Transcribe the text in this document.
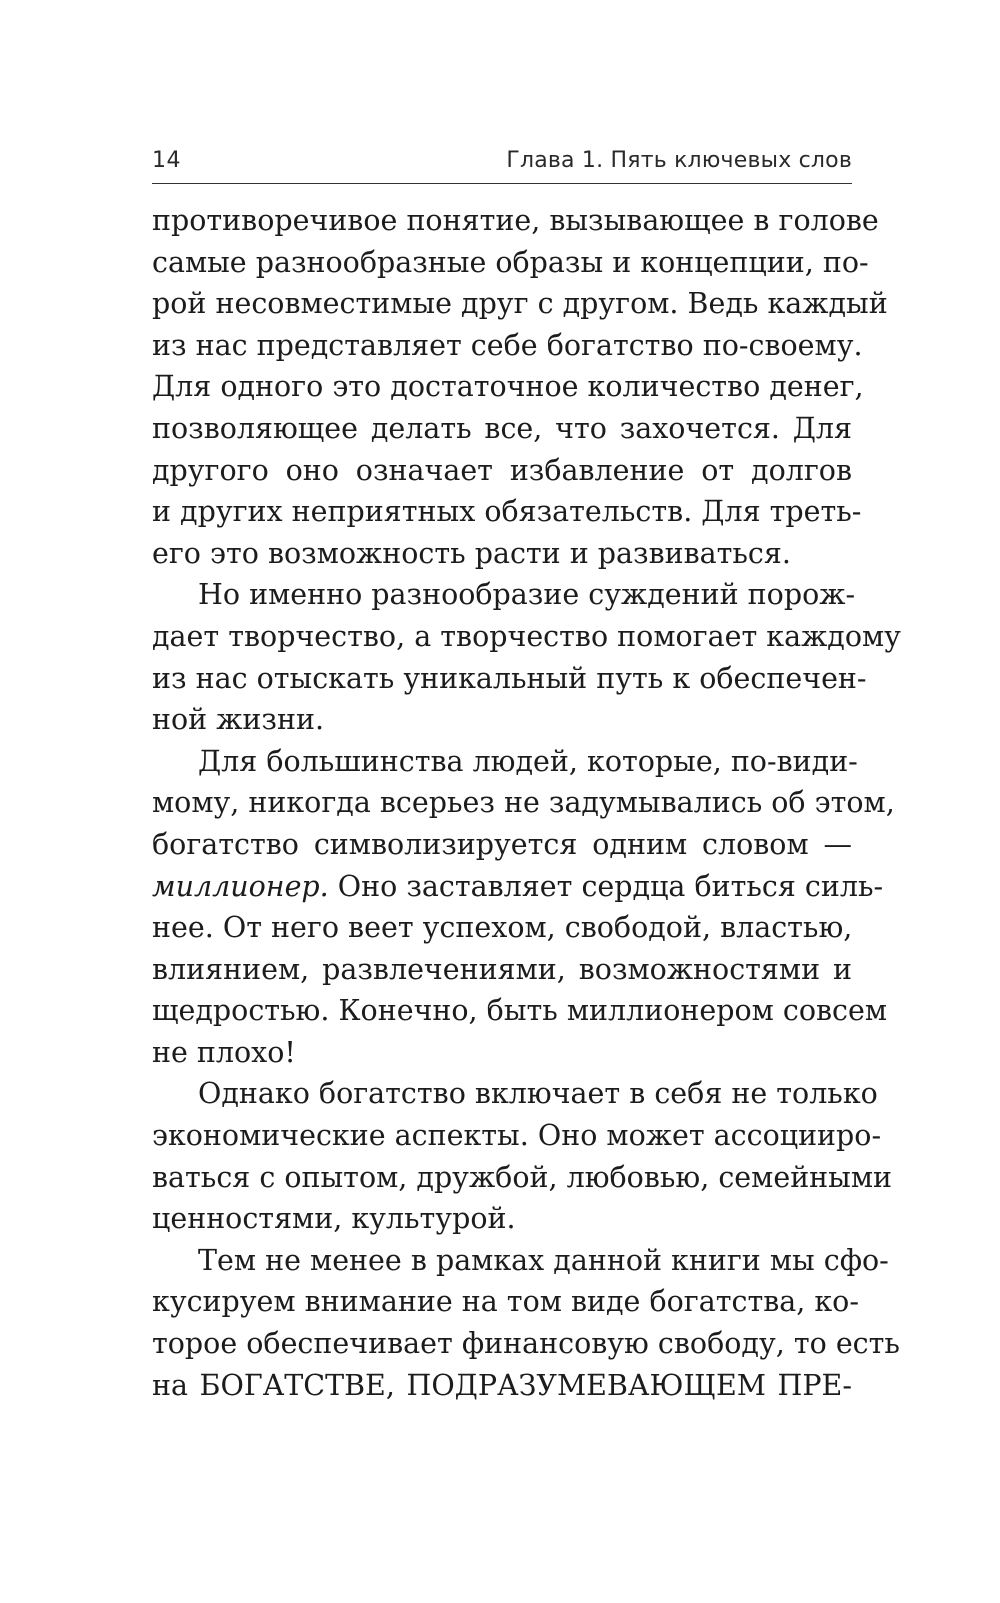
14	Глава 1. Пять ключевых слов
противоречивое понятие, вызывающее в голове
самые разнообразные образы и концепции, по-
рой несовместимые друг с другом. Ведь каждый
из нас представляет себе богатство по-своему.
Для одного это достаточное количество денег,
позволяющее делать все, что захочется. Для
другого оно означает избавление от долгов
и других неприятных обязательств. Для треть-
его это возможность расти и развиваться.
Но именно разнообразие суждений порож-
дает творчество, а творчество помогает каждому
из нас отыскать уникальный путь к обеспечен-
ной жизни.
Для большинства людей, которые, по-види-
мому, никогда всерьез не задумывались об этом,
богатство символизируется одним словом —
миллионер. Оно заставляет сердца биться силь-
нее. От него веет успехом, свободой, властью,
влиянием, развлечениями, возможностями и
щедростью. Конечно, быть миллионером совсем
не плохо!
Однако богатство включает в себя не только
экономические аспекты. Оно может ассоцииро-
ваться с опытом, дружбой, любовью, семейными
ценностями, культурой.
Тем не менее в рамках данной книги мы сфо-
кусируем внимание на том виде богатства, ко-
торое обеспечивает финансовую свободу, то есть
на БОГАТСТВЕ, ПОДРАЗУМЕВАЮЩЕМ ПРЕ-
